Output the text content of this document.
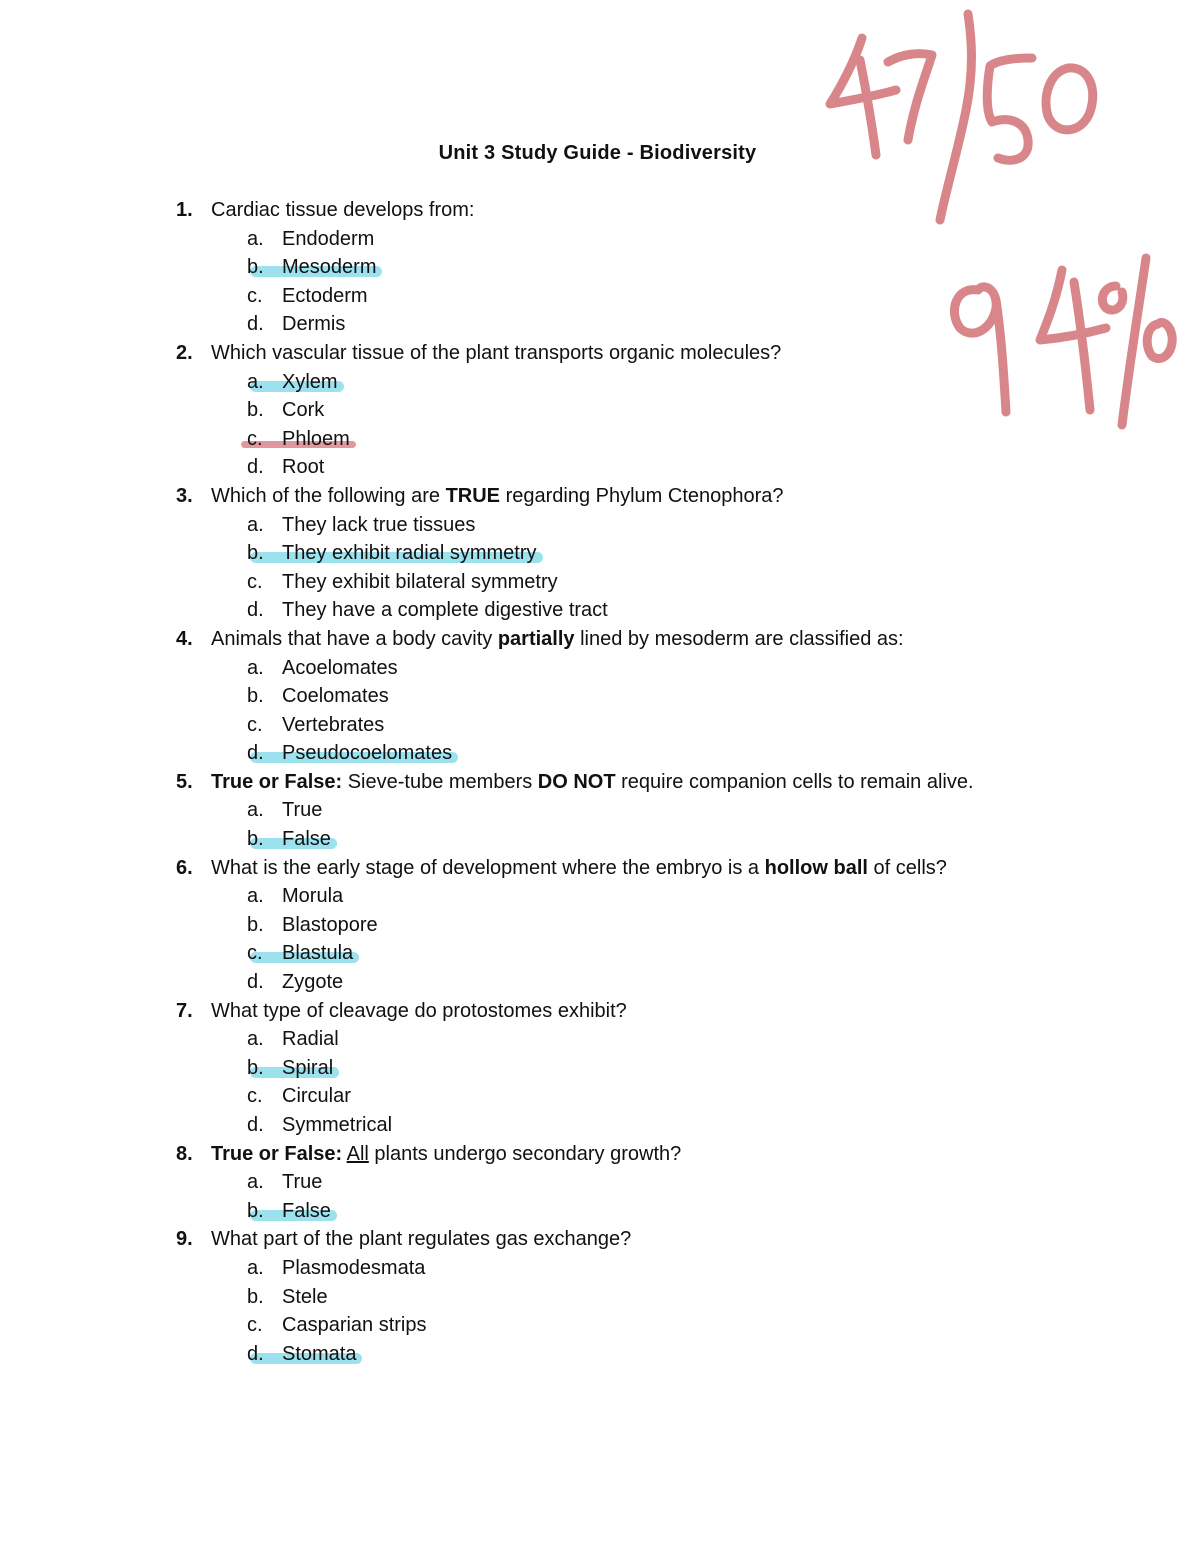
Unit 3 Study Guide - Biodiversity
1. Cardiac tissue develops from:
a. Endoderm
b. Mesoderm
c. Ectoderm
d. Dermis
2. Which vascular tissue of the plant transports organic molecules?
a. Xylem
b. Cork
c. Phloem
d. Root
3. Which of the following are TRUE regarding Phylum Ctenophora?
a. They lack true tissues
b. They exhibit radial symmetry
c. They exhibit bilateral symmetry
d. They have a complete digestive tract
4. Animals that have a body cavity partially lined by mesoderm are classified as:
a. Acoelomates
b. Coelomates
c. Vertebrates
d. Pseudocoelomates
5. True or False: Sieve-tube members DO NOT require companion cells to remain alive.
a. True
b. False
6. What is the early stage of development where the embryo is a hollow ball of cells?
a. Morula
b. Blastopore
c. Blastula
d. Zygote
7. What type of cleavage do protostomes exhibit?
a. Radial
b. Spiral
c. Circular
d. Symmetrical
8. True or False: All plants undergo secondary growth?
a. True
b. False
9. What part of the plant regulates gas exchange?
a. Plasmodesmata
b. Stele
c. Casparian strips
d. Stomata
